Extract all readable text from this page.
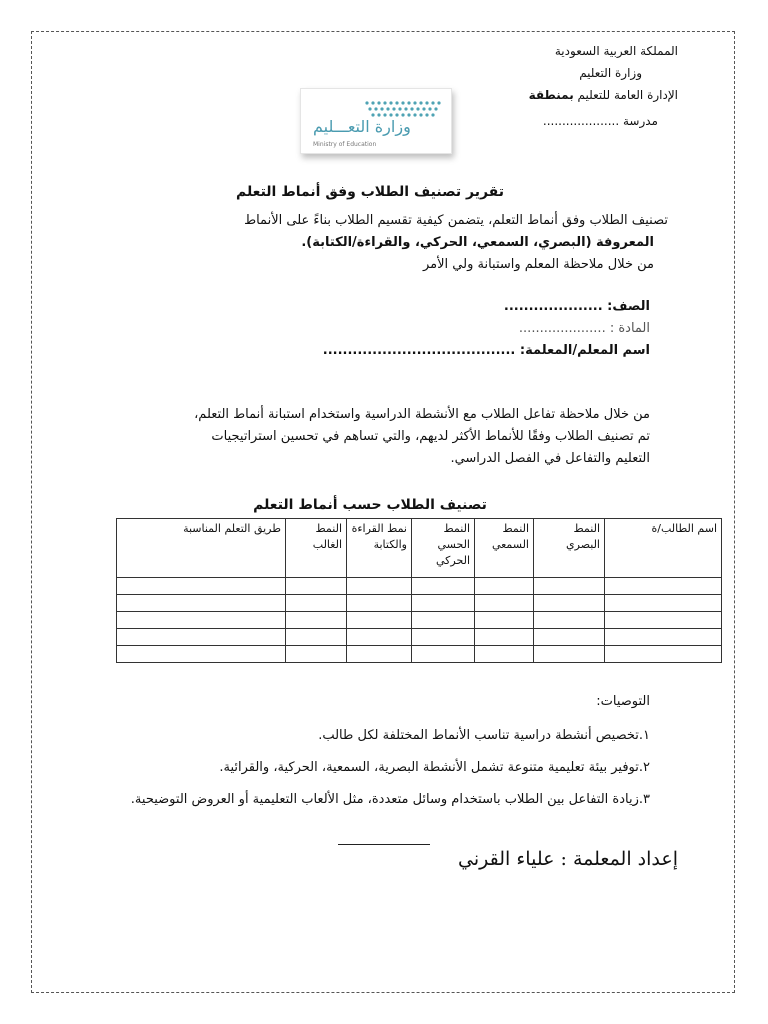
المملكة العربية السعودية
وزارة التعليم
الإدارة العامة للتعليم بمنطقة
مدرسة ....................
وزارة التعـــليم
Ministry of Education
تقرير تصنيف الطلاب وفق أنماط التعلم

تصنيف الطلاب وفق أنماط التعلم، يتضمن كيفية تقسيم الطلاب بناءً على الأنماط

المعروفة (البصري، السمعي، الحركي، والقراءة/الكتابة).

من خلال ملاحظة المعلم واستبانة ولي الأمر

الصف: ....................
المادة : .....................
اسم المعلم/المعلمة: .......................................

من خلال ملاحظة تفاعل الطلاب مع الأنشطة الدراسية واستخدام استبانة أنماط التعلم،

تم تصنيف الطلاب وفقًا للأنماط الأكثر لديهم، والتي تساهم في تحسين استراتيجيات

التعليم والتفاعل في الفصل الدراسي.

تصنيف الطلاب حسب أنماط التعلم
اسم الطالب/ة	النمط البصري	النمط السمعي	النمط الحسي الحركي	نمط القراءة والكتابة	النمط الغالب	طريق التعلم المناسبة

التوصيات:

١.تخصيص أنشطة دراسية تناسب الأنماط المختلفة لكل طالب.

٢.توفير بيئة تعليمية متنوعة تشمل الأنشطة البصرية، السمعية، الحركية، والقرائية.

٣.زيادة التفاعل بين الطلاب باستخدام وسائل متعددة، مثل الألعاب التعليمية أو العروض التوضيحية.

إعداد المعلمة : علياء القرني
